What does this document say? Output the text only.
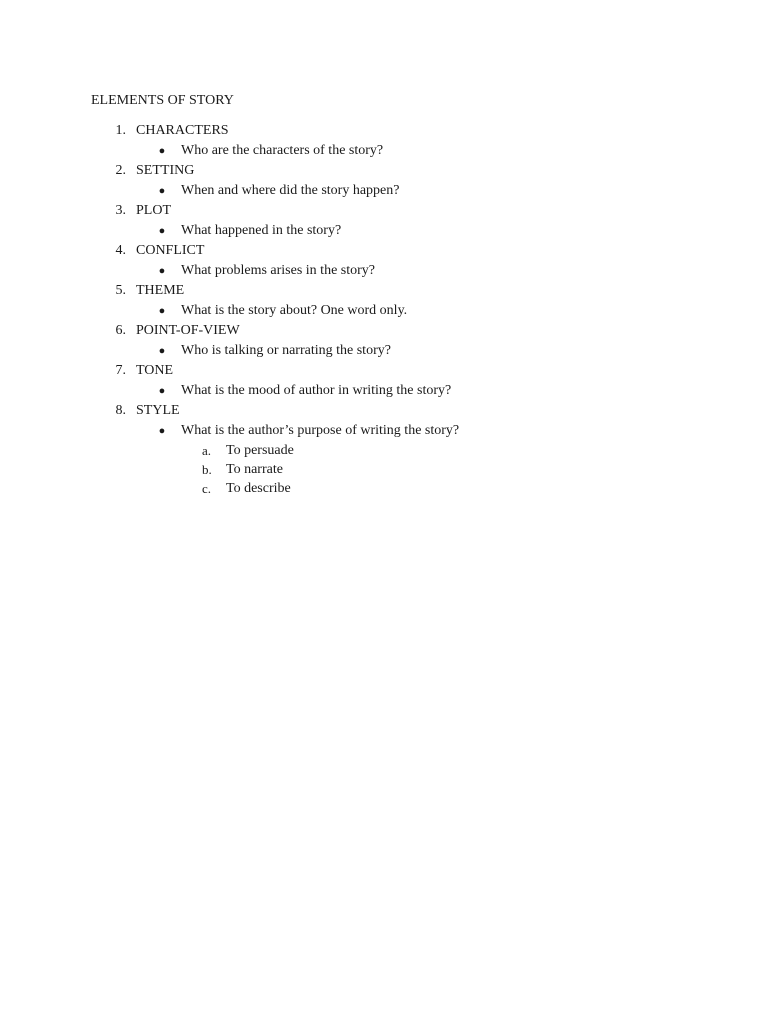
ELEMENTS OF STORY
1. CHARACTERS
● Who are the characters of the story?
2. SETTING
● When and where did the story happen?
3. PLOT
● What happened in the story?
4. CONFLICT
● What problems arises in the story?
5. THEME
● What is the story about? One word only.
6. POINT-OF-VIEW
● Who is talking or narrating the story?
7. TONE
● What is the mood of author in writing the story?
8. STYLE
● What is the author’s purpose of writing the story?
a.	To persuade
b.	To narrate
c.	To describe
